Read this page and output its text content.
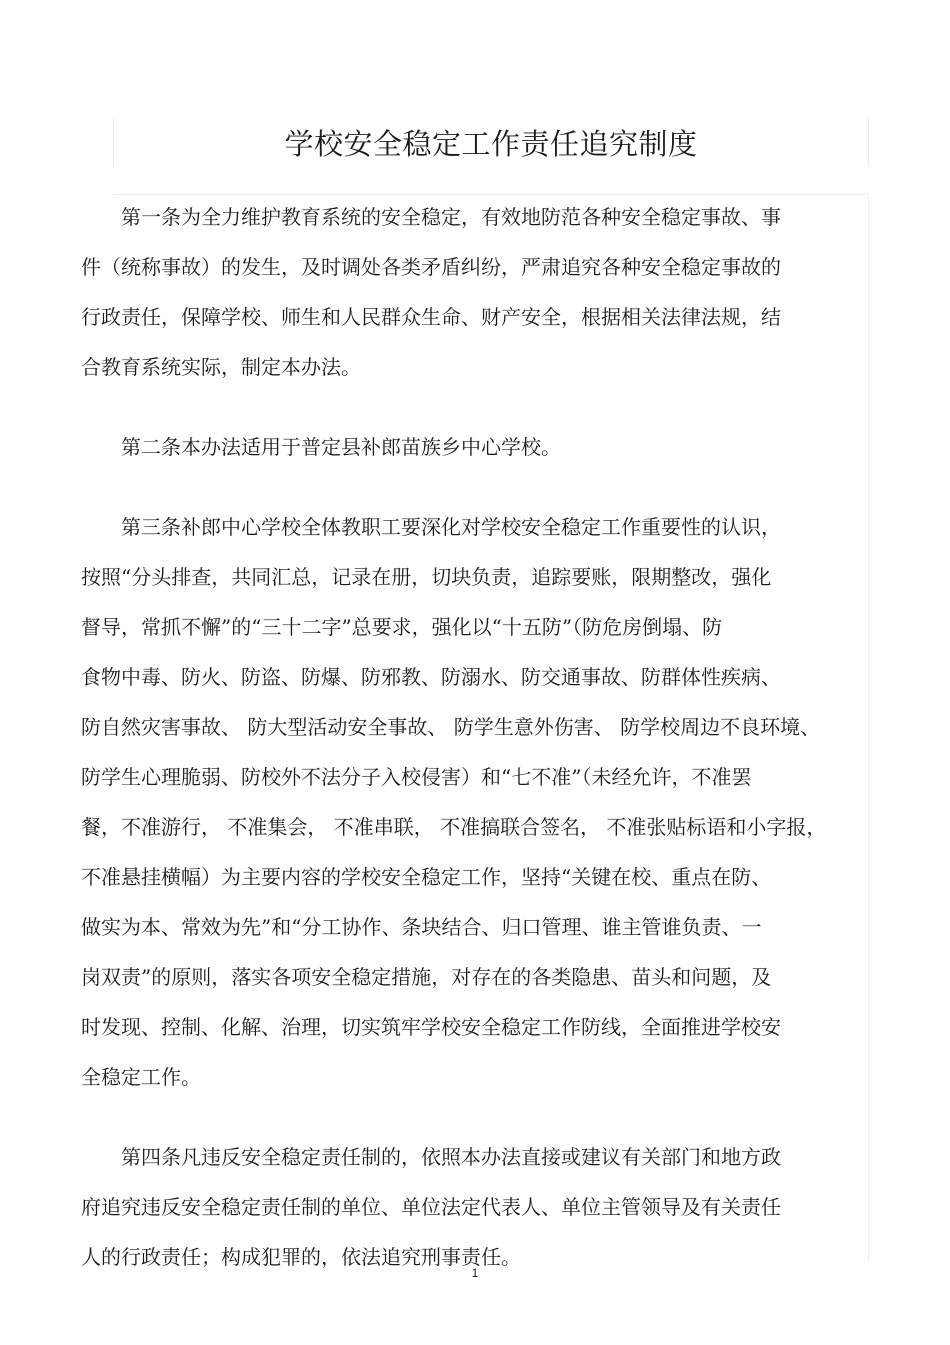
学校安全稳定工作责任追究制度
第一条为全力维护教育系统的安全稳定，有效地防范各种安全稳定事故、事
件（统称事故）的发生，及时调处各类矛盾纠纷，严肃追究各种安全稳定事故的
行政责任，保障学校、师生和人民群众生命、财产安全，根据相关法律法规，结
合教育系统实际，制定本办法。
第二条本办法适用于普定县补郎苗族乡中心学校。
第三条补郎中心学校全体教职工要深化对学校安全稳定工作重要性的认识，
按照“分头排查，共同汇总，记录在册，切块负责，追踪要账，限期整改，强化
督导，常抓不懈”的“三十二字”总要求，强化以“十五防”（防危房倒塌、防
食物中毒、防火、防盗、防爆、防邪教、防溺水、防交通事故、防群体性疾病、
防自然灾害事故、 防大型活动安全事故、 防学生意外伤害、 防学校周边不良环境、
防学生心理脆弱、防校外不法分子入校侵害）和“七不准”（未经允许，不准罢
餐，不准游行， 不准集会， 不准串联， 不准搞联合签名， 不准张贴标语和小字报，
不准悬挂横幅）为主要内容的学校安全稳定工作，坚持“关键在校、重点在防、
做实为本、常效为先”和“分工协作、条块结合、归口管理、谁主管谁负责、一
岗双责”的原则，落实各项安全稳定措施，对存在的各类隐患、苗头和问题，及
时发现、控制、化解、治理，切实筑牢学校安全稳定工作防线，全面推进学校安
全稳定工作。
第四条凡违反安全稳定责任制的，依照本办法直接或建议有关部门和地方政
府追究违反安全稳定责任制的单位、单位法定代表人、单位主管领导及有关责任
人的行政责任；构成犯罪的，依法追究刑事责任。
1
